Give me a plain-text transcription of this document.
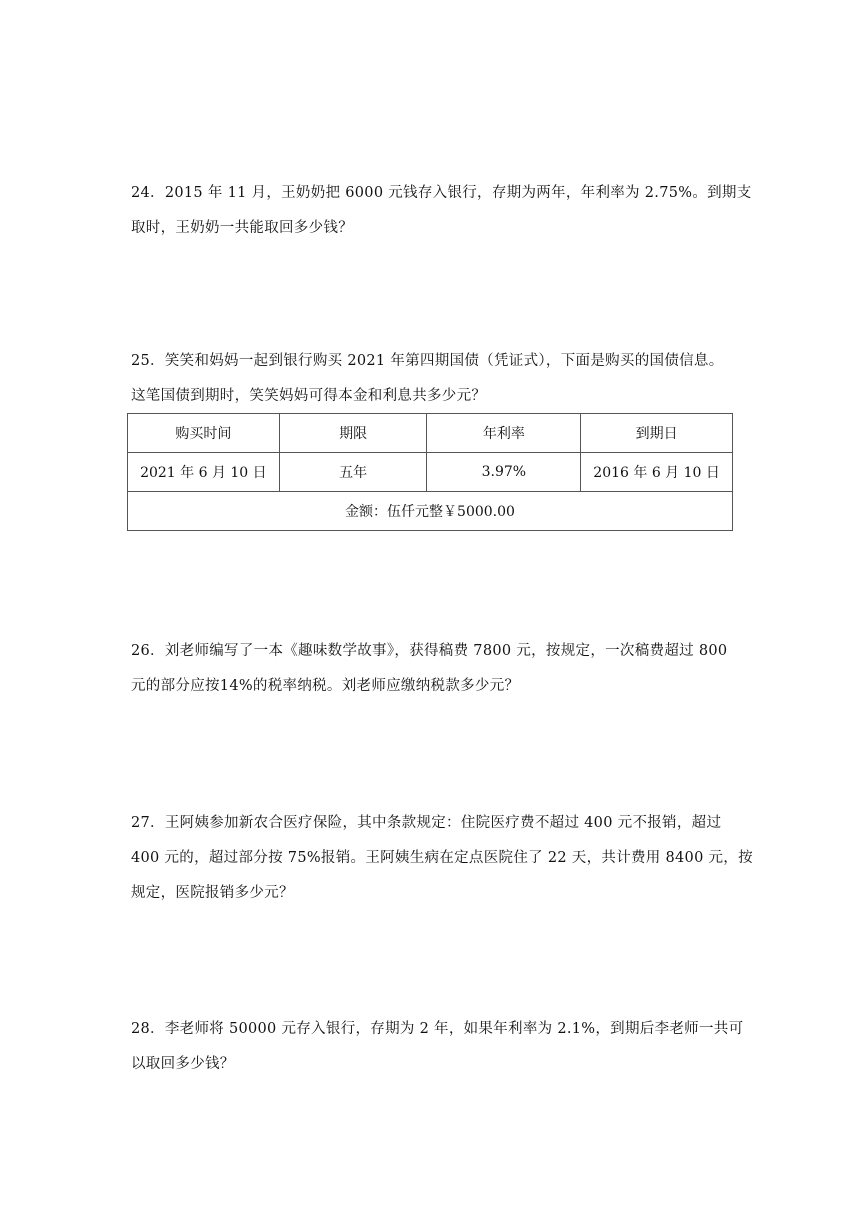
24．2015 年 11 月，王奶奶把 6000 元钱存入银行，存期为两年，年利率为 2.75%。到期支

取时，王奶奶一共能取回多少钱？

25．笑笑和妈妈一起到银行购买 2021 年第四期国债（凭证式），下面是购买的国债信息。

这笔国债到期时，笑笑妈妈可得本金和利息共多少元？

购买时间	期限	年利率	到期日
2021 年 6 月 10 日	五年	3.97%	2016 年 6 月 10 日
金额：伍仟元整￥5000.00			

26．刘老师编写了一本《趣味数学故事》，获得稿费 7800 元，按规定，一次稿费超过 800

元的部分应按14%的税率纳税。刘老师应缴纳税款多少元？

27．王阿姨参加新农合医疗保险，其中条款规定：住院医疗费不超过 400 元不报销，超过

400 元的，超过部分按 75%报销。王阿姨生病在定点医院住了 22 天，共计费用 8400 元，按

规定，医院报销多少元？

28．李老师将 50000 元存入银行，存期为 2 年，如果年利率为 2.1%，到期后李老师一共可

以取回多少钱？
